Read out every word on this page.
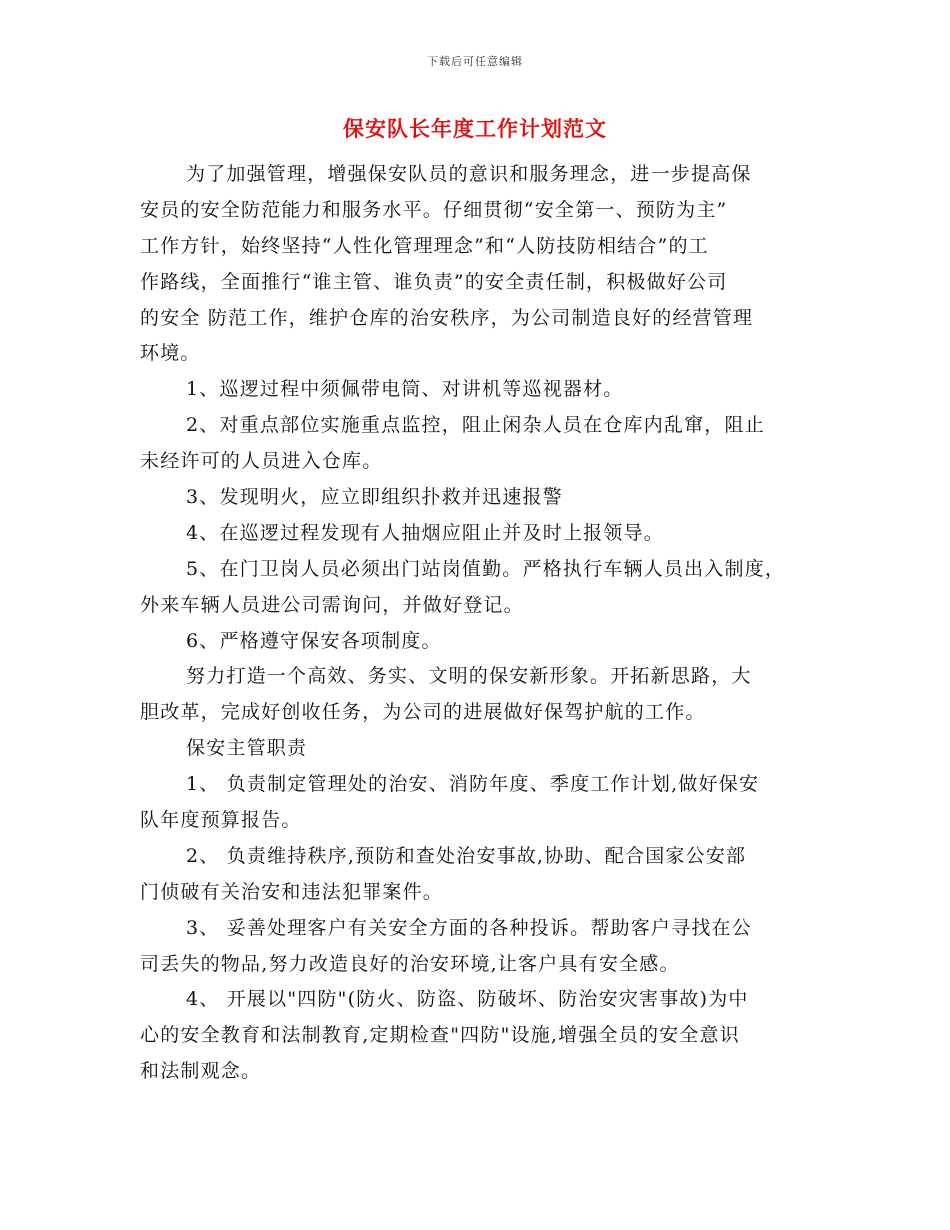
下载后可任意编辑
保安队长年度工作计划范文
为了加强管理，增强保安队员的意识和服务理念，进一步提高保
安员的安全防范能力和服务水平。仔细贯彻“安全第一、预防为主”
工作方针，始终坚持“人性化管理理念”和“人防技防相结合”的工
作路线，全面推行“谁主管、谁负责”的安全责任制，积极做好公司
的安全 防范工作，维护仓库的治安秩序，为公司制造良好的经营管理
环境。
1、巡逻过程中须佩带电筒、对讲机等巡视器材。
2、对重点部位实施重点监控，阻止闲杂人员在仓库内乱窜，阻止
未经许可的人员进入仓库。
3、发现明火，应立即组织扑救并迅速报警
4、在巡逻过程发现有人抽烟应阻止并及时上报领导。
5、在门卫岗人员必须出门站岗值勤。严格执行车辆人员出入制度，
外来车辆人员进公司需询问，并做好登记。
6、严格遵守保安各项制度。
努力打造一个高效、务实、文明的保安新形象。开拓新思路，大
胆改革，完成好创收任务，为公司的进展做好保驾护航的工作。
保安主管职责
1、 负责制定管理处的治安、消防年度、季度工作计划,做好保安
队年度预算报告。
2、 负责维持秩序,预防和查处治安事故,协助、配合国家公安部
门侦破有关治安和违法犯罪案件。
3、 妥善处理客户有关安全方面的各种投诉。帮助客户寻找在公
司丢失的物品,努力改造良好的治安环境,让客户具有安全感。
4、 开展以"四防"(防火、防盗、防破坏、防治安灾害事故)为中
心的安全教育和法制教育,定期检查"四防"设施,增强全员的安全意识
和法制观念。
